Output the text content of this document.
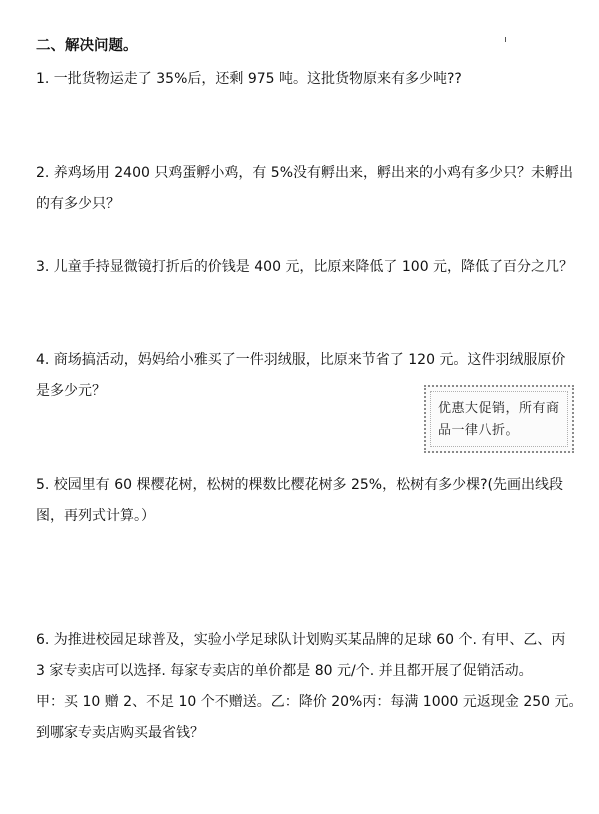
二、解决问题。
1. 一批货物运走了 35%后，还剩 975 吨。这批货物原来有多少吨??
2. 养鸡场用 2400 只鸡蛋孵小鸡，有 5%没有孵出来，孵出来的小鸡有多少只？未孵出
的有多少只？
3. 儿童手持显微镜打折后的价钱是 400 元，比原来降低了 100 元，降低了百分之几？
4. 商场搞活动，妈妈给小雅买了一件羽绒服，比原来节省了 120 元。这件羽绒服原价
是多少元？
优惠大促销，所有商
品一律八折。
5. 校园里有 60 棵樱花树，松树的棵数比樱花树多 25%，松树有多少棵?(先画出线段
图，再列式计算。）
6. 为推进校园足球普及，实验小学足球队计划购买某品牌的足球 60 个. 有甲、乙、丙
3 家专卖店可以选择. 每家专卖店的单价都是 80 元/个. 并且都开展了促销活动。
甲：买 10 赠 2、不足 10 个不赠送。乙：降价 20%丙：每满 1000 元返现金 250 元。
到哪家专卖店购买最省钱？
